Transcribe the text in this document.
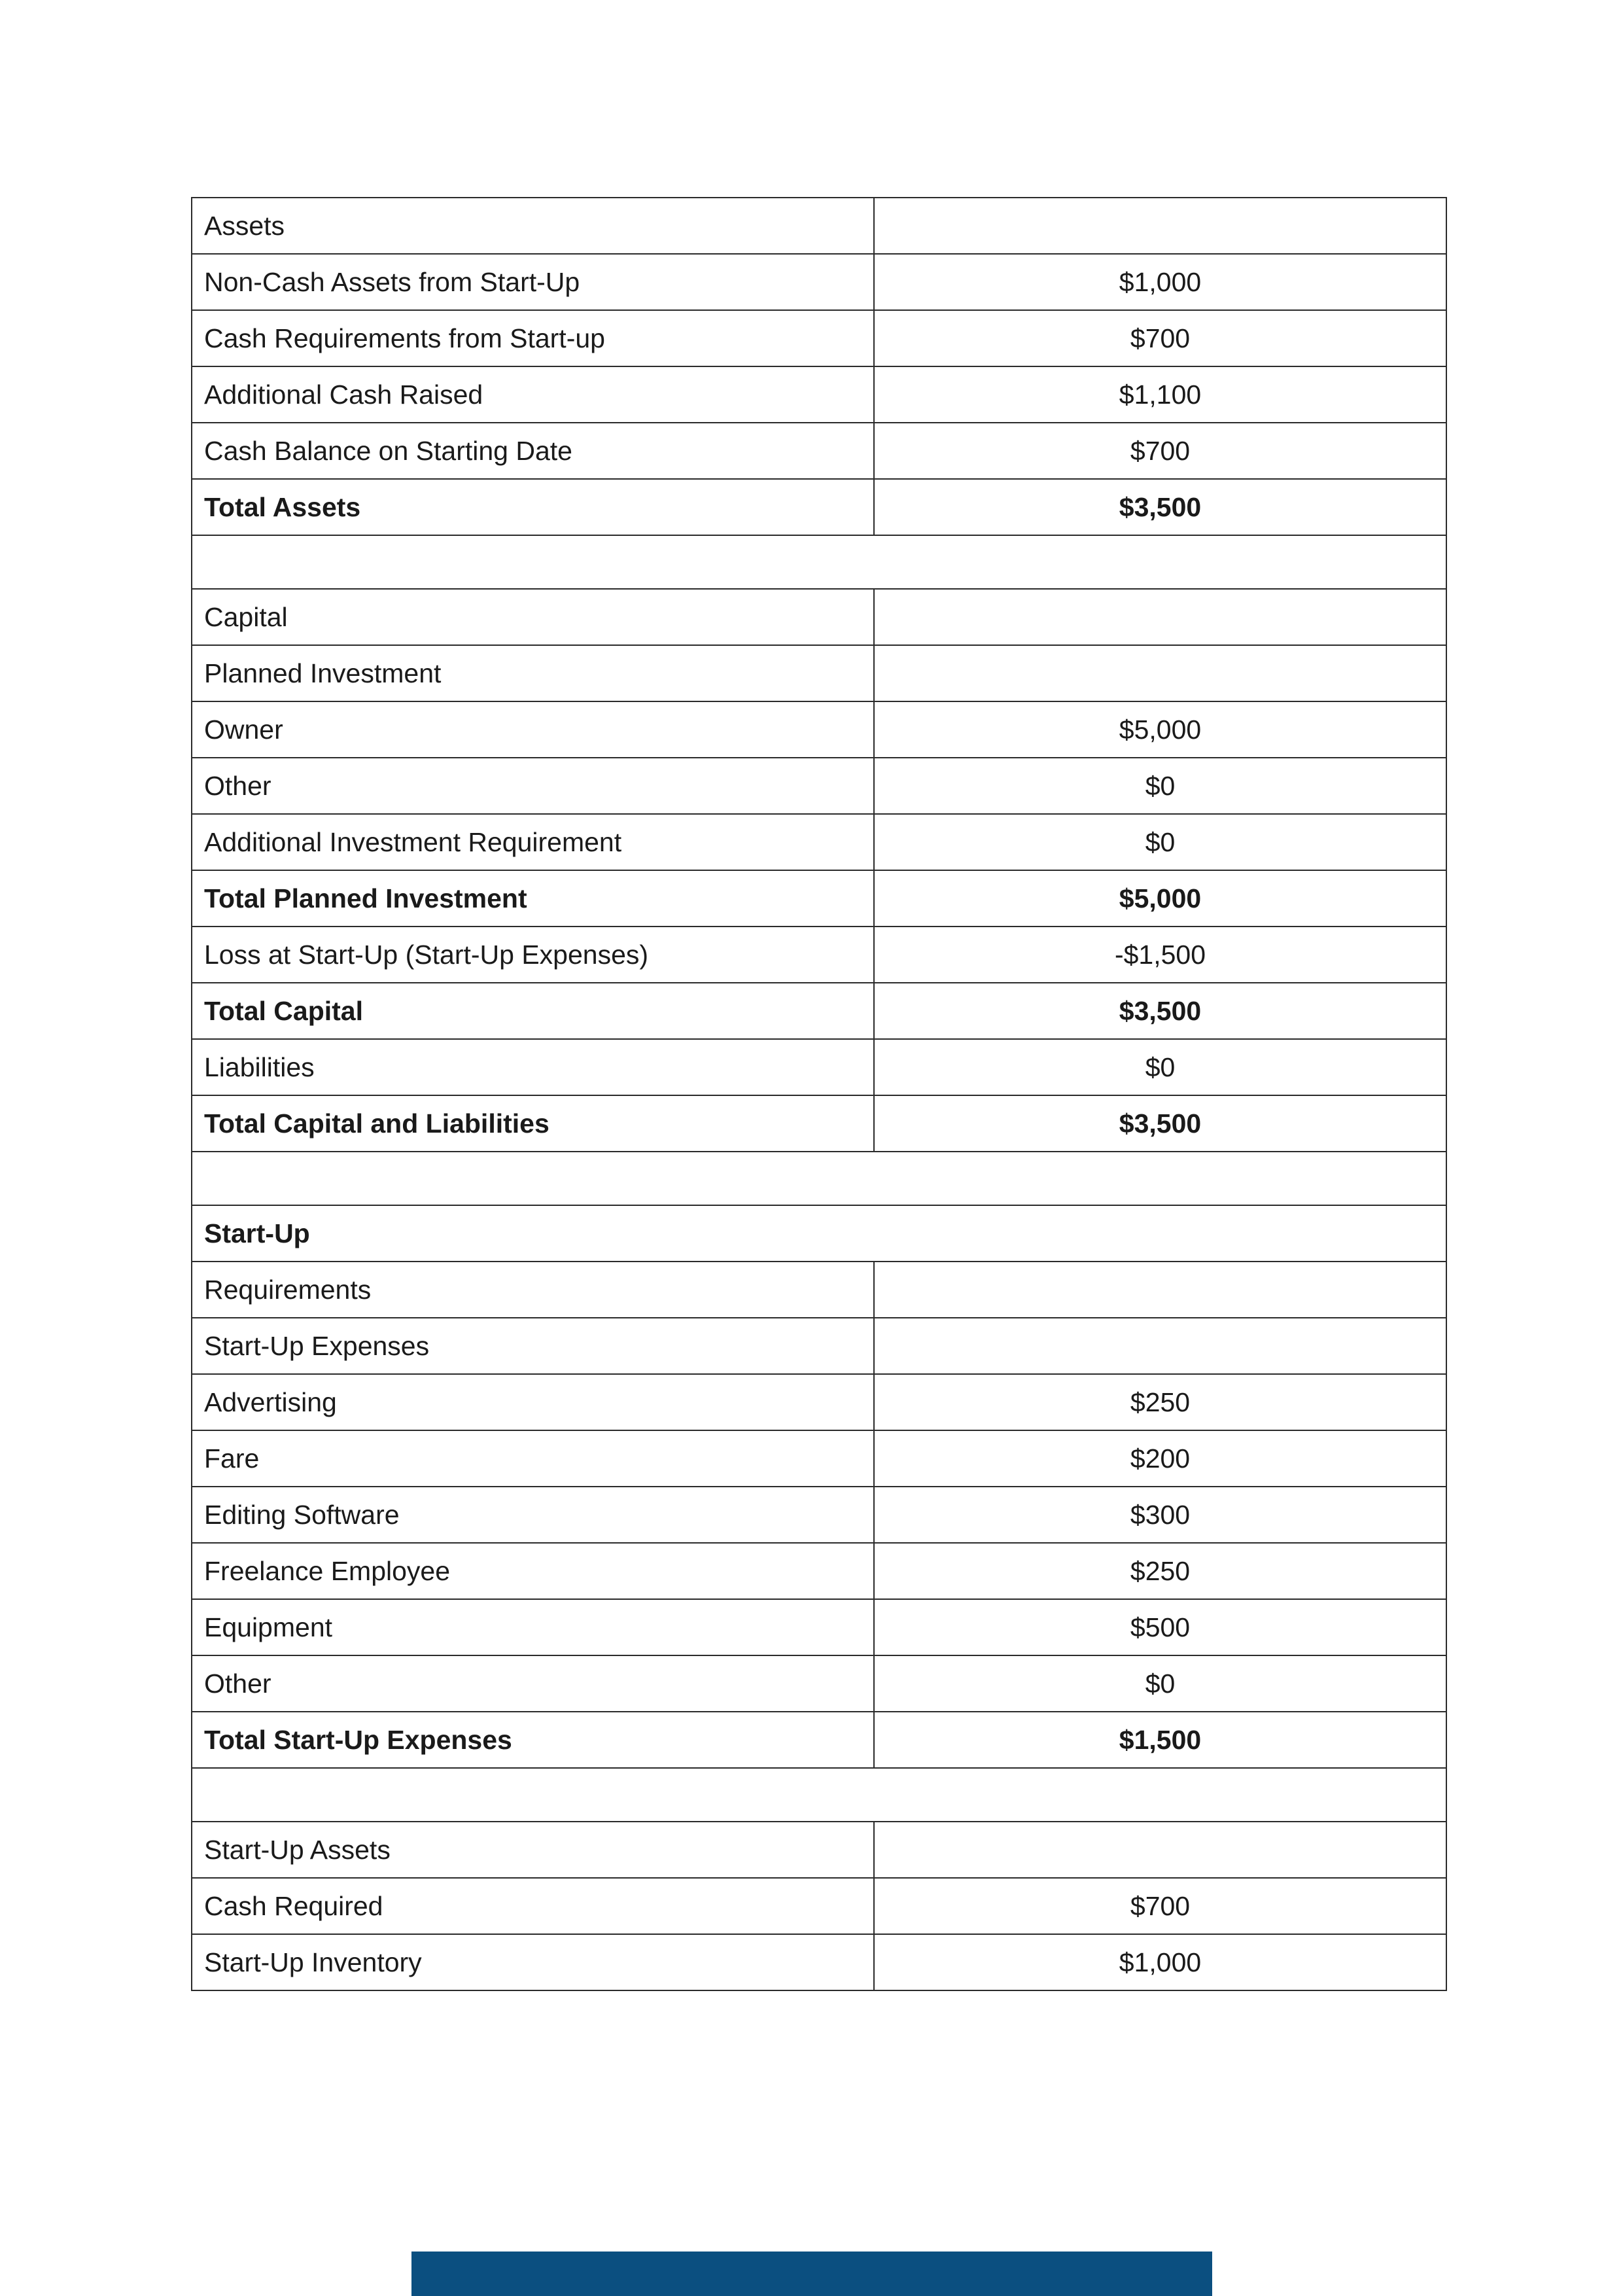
Assets	
Non-Cash Assets from Start-Up	$1,000
Cash Requirements from Start-up	$700
Additional Cash Raised	$1,100
Cash Balance on Starting Date	$700
Total Assets	$3,500

Capital	
Planned Investment	
Owner	$5,000
Other	$0
Additional Investment Requirement	$0
Total Planned Investment	$5,000
Loss at Start-Up (Start-Up Expenses)	-$1,500
Total Capital	$3,500
Liabilities	$0
Total Capital and Liabilities	$3,500

Start-Up	
Requirements	
Start-Up Expenses	
Advertising	$250
Fare	$200
Editing Software	$300
Freelance Employee	$250
Equipment	$500
Other	$0
Total Start-Up Expenses	$1,500

Start-Up Assets	
Cash Required	$700
Start-Up Inventory	$1,000
